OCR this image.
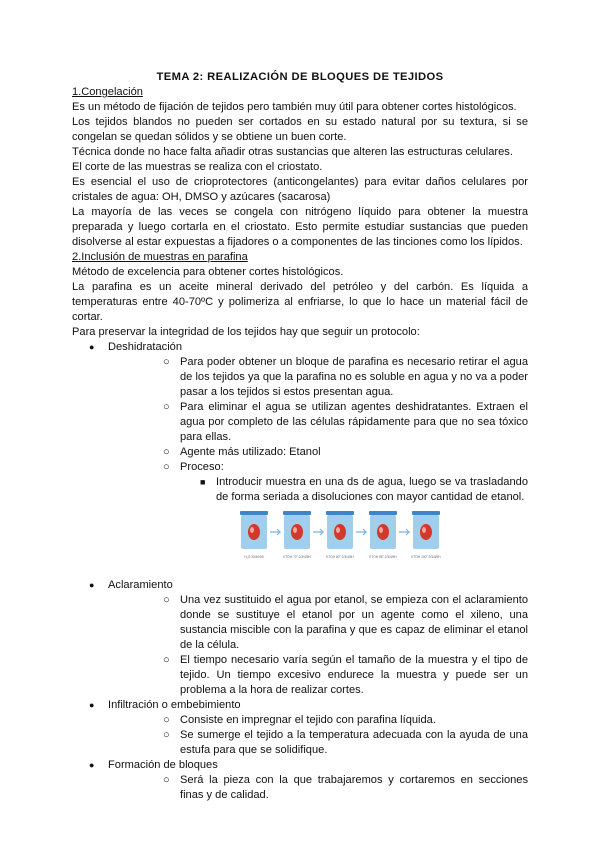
TEMA 2: REALIZACIÓN DE BLOQUES DE TEJIDOS

1.Congelación

Es un método de fijación de tejidos pero también muy útil para obtener cortes histológicos.

Los tejidos blandos no pueden ser cortados en su estado natural por su textura, si se congelan se quedan sólidos y se obtiene un buen corte.

Técnica donde no hace falta añadir otras sustancias que alteren las estructuras celulares.

El corte de las muestras se realiza con el criostato.

Es esencial el uso de crioprotectores (anticongelantes) para evitar daños celulares por cristales de agua: OH, DMSO y azúcares (sacarosa)

La mayoría de las veces se congela con nitrógeno líquido para obtener la muestra preparada y luego cortarla en el criostato. Esto permite estudiar sustancias que pueden disolverse al estar expuestas a fijadores o a componentes de las tinciones como los lípidos.

2.Inclusión de muestras en parafina

Método de excelencia para obtener cortes histológicos.

La parafina es un aceite mineral derivado del petróleo y del carbón. Es líquida a temperaturas entre 40-70ºC y polimeriza al enfriarse, lo que lo hace un material fácil de cortar.

Para preservar la integridad de los tejidos hay que seguir un protocolo:

● Deshidratación
○ Para poder obtener un bloque de parafina es necesario retirar el agua de los tejidos ya que la parafina no es soluble en agua y no va a poder pasar a los tejidos si estos presentan agua.
○ Para eliminar el agua se utilizan agentes deshidratantes. Extraen el agua por completo de las células rápidamente para que no sea tóxico para ellas.
○ Agente más utilizado: Etanol
○ Proceso:
■ Introducir muestra en una ds de agua, luego se va trasladando de forma seriada a disoluciones con mayor cantidad de etanol.
H₂O 30/40/50	ETOH 70° 2/3/4/5H	ETOH 80° 2/3/4/5H	ETOH 96° 2/3/4/5H	ETOH 100° 2/3/4/5H
● Aclaramiento
○ Una vez sustituido el agua por etanol, se empieza con el aclaramiento donde se sustituye el etanol por un agente como el xileno, una sustancia miscible con la parafina y que es capaz de eliminar el etanol de la célula.
○ El tiempo necesario varía según el tamaño de la muestra y el tipo de tejido. Un tiempo excesivo endurece la muestra y puede ser un problema a la hora de realizar cortes.
● Infiltración o embebimiento
○ Consiste en impregnar el tejido con parafina líquida.
○ Se sumerge el tejido a la temperatura adecuada con la ayuda de una estufa para que se solidifique.
● Formación de bloques
○ Será la pieza con la que trabajaremos y cortaremos en secciones finas y de calidad.
